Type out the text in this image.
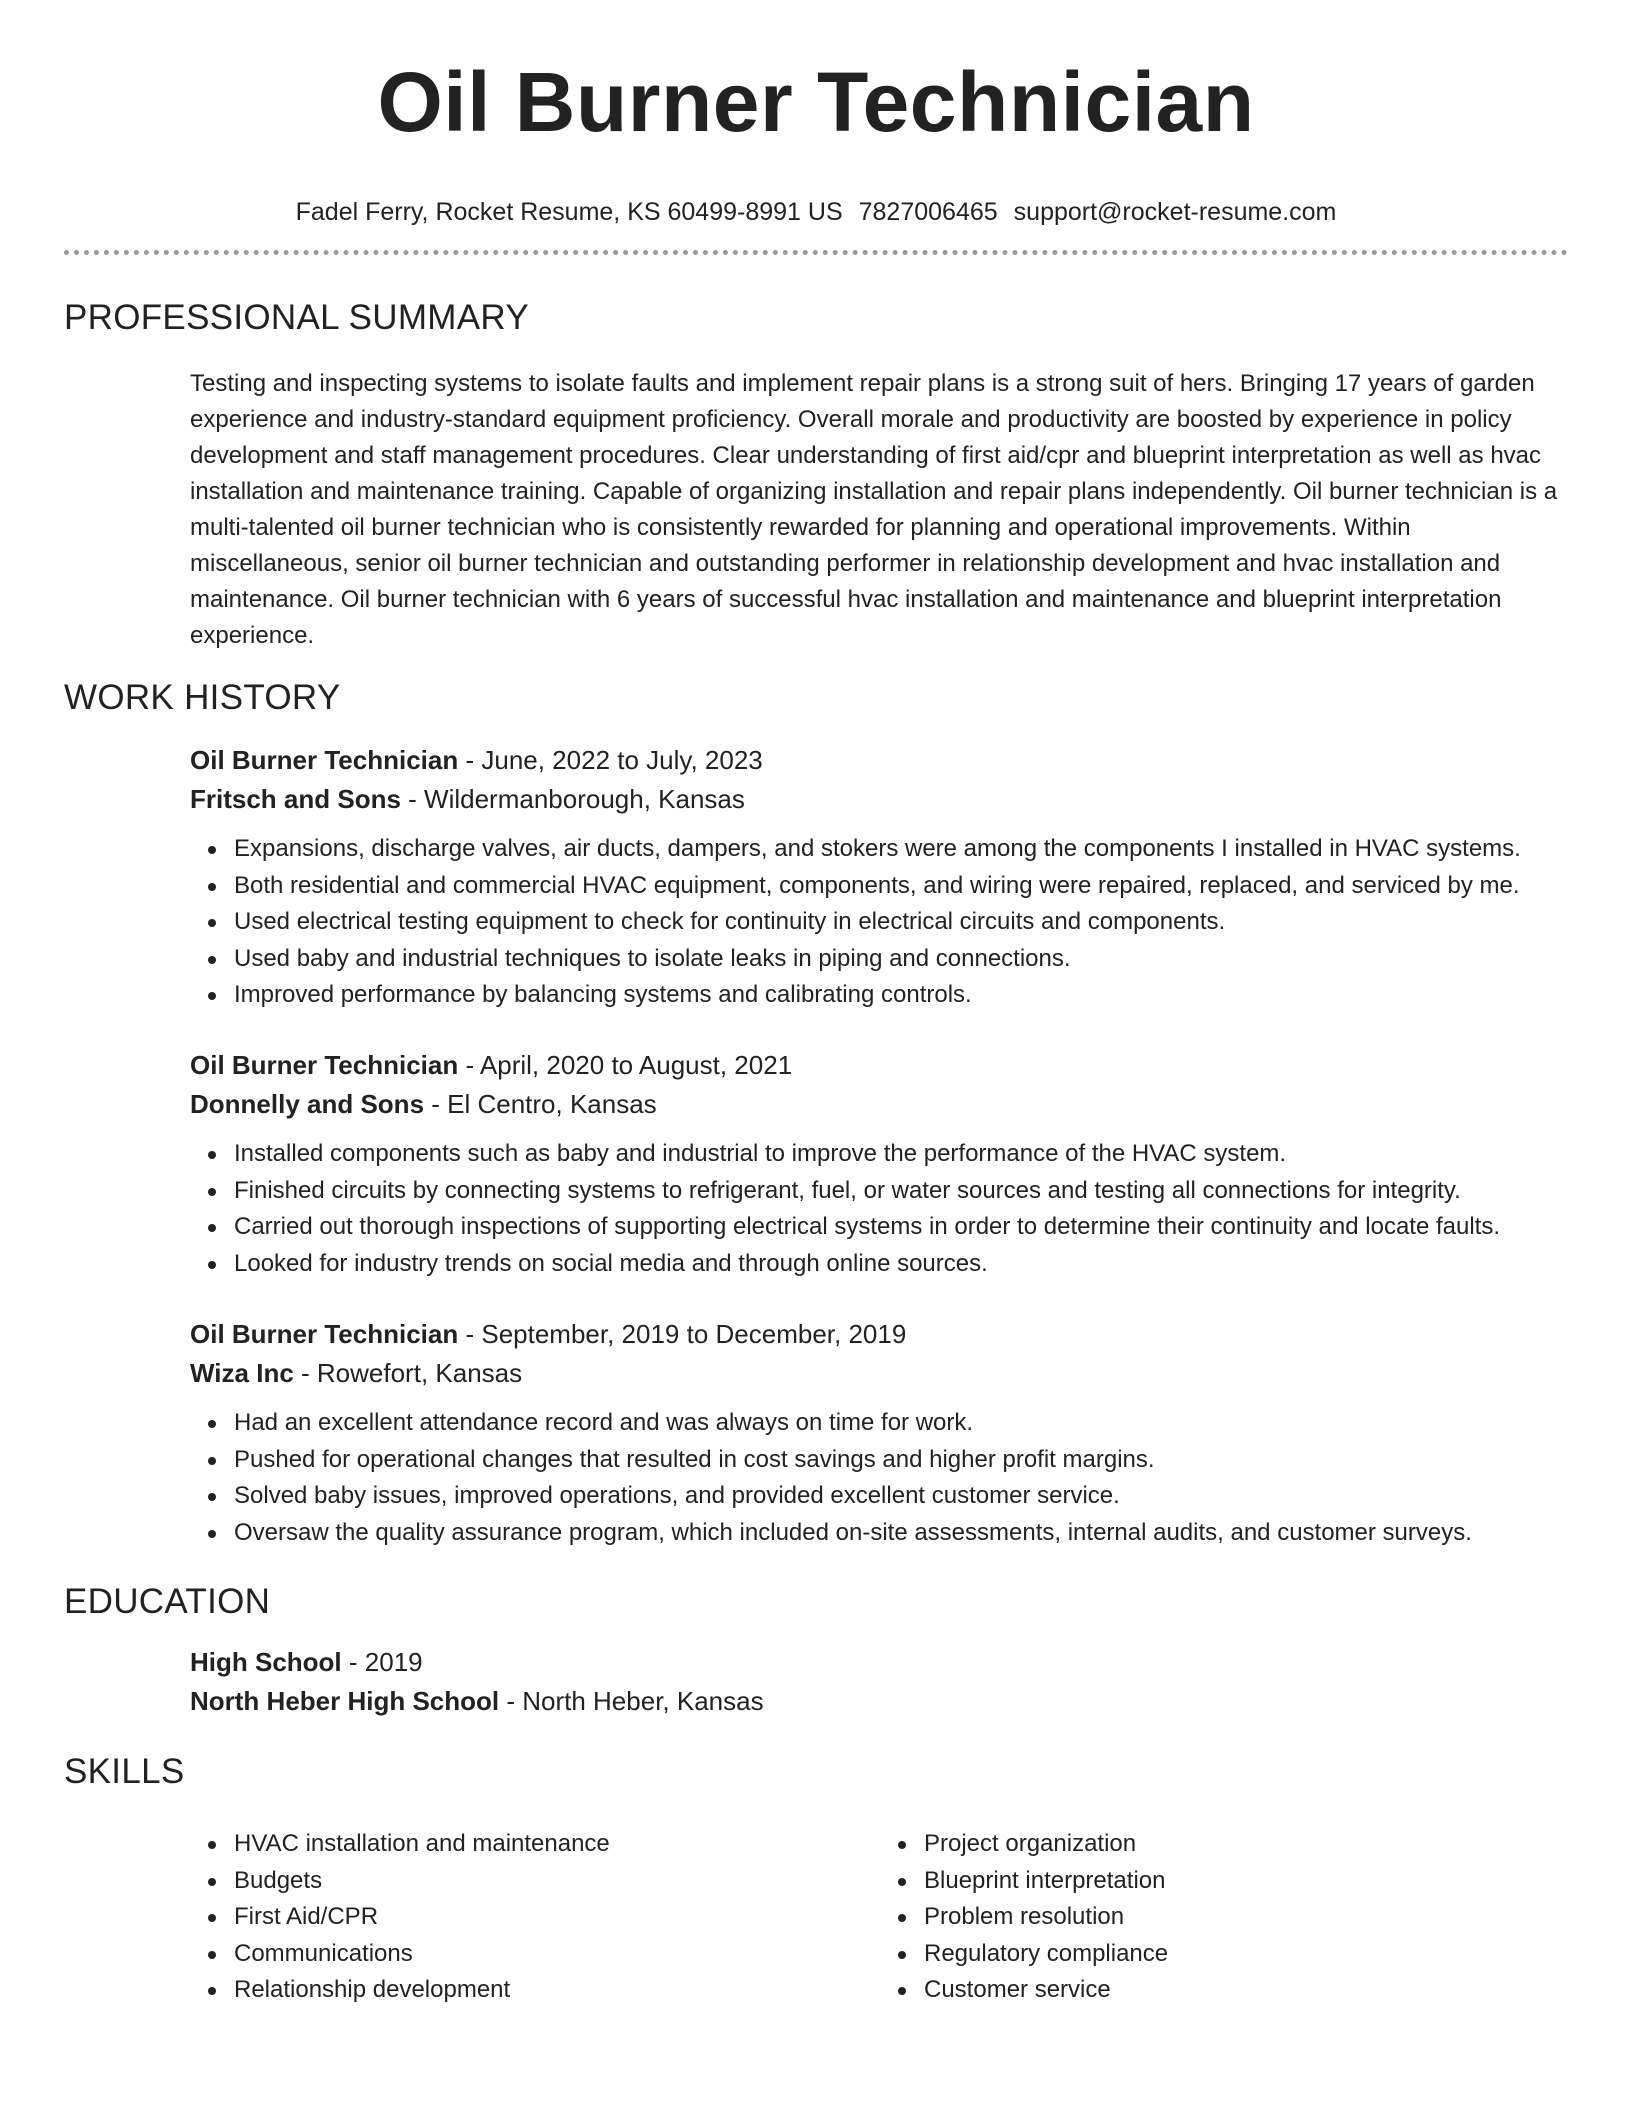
Oil Burner Technician
Fadel Ferry, Rocket Resume, KS 60499-8991 US 7827006465 support@rocket-resume.com
PROFESSIONAL SUMMARY

Testing and inspecting systems to isolate faults and implement repair plans is a strong suit of hers. Bringing 17 years of garden experience and industry-standard equipment proficiency. Overall morale and productivity are boosted by experience in policy development and staff management procedures. Clear understanding of first aid/cpr and blueprint interpretation as well as hvac installation and maintenance training. Capable of organizing installation and repair plans independently. Oil burner technician is a multi-talented oil burner technician who is consistently rewarded for planning and operational improvements. Within miscellaneous, senior oil burner technician and outstanding performer in relationship development and hvac installation and maintenance. Oil burner technician with 6 years of successful hvac installation and maintenance and blueprint interpretation experience.

WORK HISTORY
Oil Burner Technician - June, 2022 to July, 2023
Fritsch and Sons - Wildermanborough, Kansas
Expansions, discharge valves, air ducts, dampers, and stokers were among the components I installed in HVAC systems.
Both residential and commercial HVAC equipment, components, and wiring were repaired, replaced, and serviced by me.
Used electrical testing equipment to check for continuity in electrical circuits and components.
Used baby and industrial techniques to isolate leaks in piping and connections.
Improved performance by balancing systems and calibrating controls.
Oil Burner Technician - April, 2020 to August, 2021
Donnelly and Sons - El Centro, Kansas
Installed components such as baby and industrial to improve the performance of the HVAC system.
Finished circuits by connecting systems to refrigerant, fuel, or water sources and testing all connections for integrity.
Carried out thorough inspections of supporting electrical systems in order to determine their continuity and locate faults.
Looked for industry trends on social media and through online sources.
Oil Burner Technician - September, 2019 to December, 2019
Wiza Inc - Rowefort, Kansas
Had an excellent attendance record and was always on time for work.
Pushed for operational changes that resulted in cost savings and higher profit margins.
Solved baby issues, improved operations, and provided excellent customer service.
Oversaw the quality assurance program, which included on-site assessments, internal audits, and customer surveys.
EDUCATION
High School - 2019
North Heber High School - North Heber, Kansas
SKILLS
HVAC installation and maintenance
Budgets
First Aid/CPR
Communications
Relationship development
Project organization
Blueprint interpretation
Problem resolution
Regulatory compliance
Customer service
